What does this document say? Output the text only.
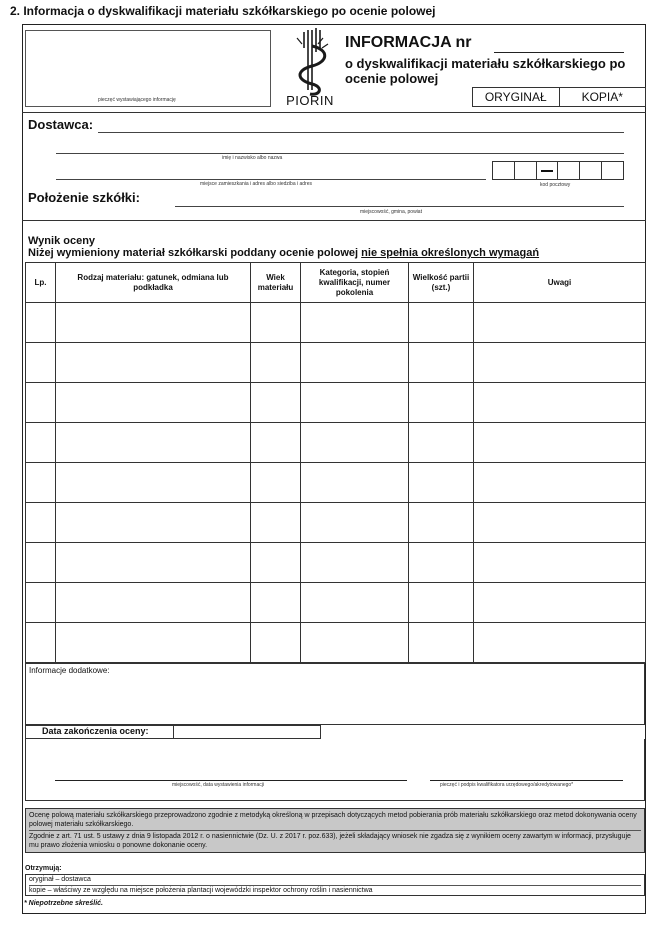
2. Informacja o dyskwalifikacji materiału szkółkarskiego po ocenie polowej
pieczęć wystawiającego informację	PIORIN
INFORMACJA nr
o dyskwalifikacji materiału szkółkarskiego po ocenie polowej
ORYGINAŁ	KOPIA*
Dostawca:
imię i nazwisko albo nazwa
miejsce zamieszkania i adres albo siedziba i adres	kod pocztowy
Położenie szkółki:
miejscowość, gmina, powiat
Wynik oceny
Niżej wymieniony materiał szkółkarski poddany ocenie polowej nie spełnia określonych wymagań
Lp.	Rodzaj materiału: gatunek, odmiana lub podkładka	Wiek materiału	Kategoria, stopień kwalifikacji, numer pokolenia	Wielkość partii (szt.)	Uwagi

Informacje dodatkowe:
Data zakończenia oceny:
miejscowość, data wystawienia informacji	pieczęć i podpis kwalifikatora urzędowego/akredytowanego*
Ocenę polową materiału szkółkarskiego przeprowadzono zgodnie z metodyką określoną w przepisach dotyczących metod pobierania prób materiału szkółkarskiego oraz metod dokonywania oceny polowej materiału szkółkarskiego.
Zgodnie z art. 71 ust. 5 ustawy z dnia 9 listopada 2012 r. o nasiennictwie (Dz. U. z 2017 r. poz.633), jeżeli składający wniosek nie zgadza się z wynikiem oceny zawartym w informacji, przysługuje mu prawo złożenia wniosku o ponowne dokonanie oceny.
Otrzymują:
oryginał – dostawca
kopie – właściwy ze względu na miejsce położenia plantacji wojewódzki inspektor ochrony roślin i nasiennictwa
* Niepotrzebne skreślić.
